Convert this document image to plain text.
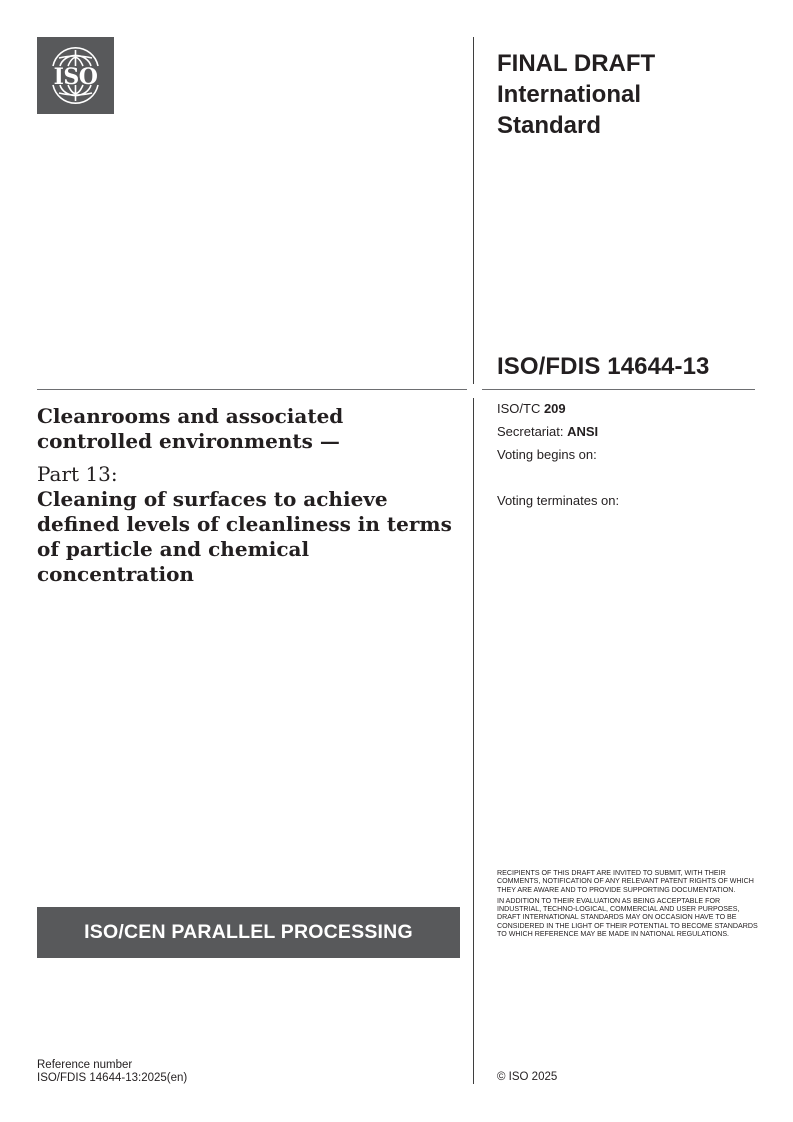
ISO	FINAL DRAFT
International
Standard
ISO/FDIS 14644-13

Cleanrooms and associated controlled environments —

Part 13:

Cleaning of surfaces to achieve defined levels of cleanliness in terms of particle and chemical concentration

ISO/TC 209
Secretariat: ANSI
Voting begins on:
Voting terminates on:
ISO/CEN PARALLEL PROCESSING

RECIPIENTS OF THIS DRAFT ARE INVITED TO SUBMIT, WITH THEIR COMMENTS, NOTIFICATION OF ANY RELEVANT PATENT RIGHTS OF WHICH THEY ARE AWARE AND TO PROVIDE SUPPORTING DOCUMENTATION.

IN ADDITION TO THEIR EVALUATION AS BEING ACCEPTABLE FOR INDUSTRIAL, TECHNO-LOGICAL, COMMERCIAL AND USER PURPOSES, DRAFT INTERNATIONAL STANDARDS MAY ON OCCASION HAVE TO BE CONSIDERED IN THE LIGHT OF THEIR POTENTIAL TO BECOME STANDARDS TO WHICH REFERENCE MAY BE MADE IN NATIONAL REGULATIONS.

Reference number
ISO/FDIS 14644-13:2025(en)	© ISO 2025
